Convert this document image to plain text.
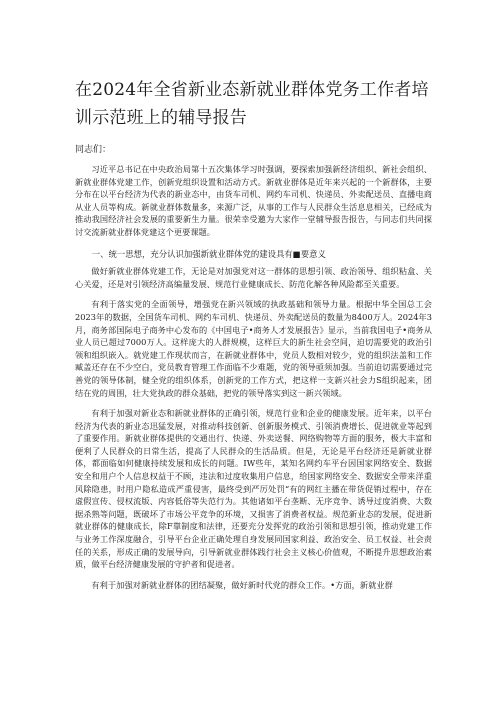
在2024年全省新业态新就业群体党务工作者培训示范班上的辅导报告
同志们：

习近平总书记在中央政治局第十五次集体学习时强调，要探索加强新经济组织、新社会组织、新就业群体党建工作，创新党组织设置和活动方式。新就业群体是近年来兴起的一个新群体，主要分布在以平台经济为代表的新业态中，由货车司机、网约车司机、快递员、外卖配送员、直播电商从业人员等构成。新就业群体数量多，来源广泛，从事的工作与人民群众生活息息相关，已经成为推动我国经济社会发展的重要新生力量。很荣幸受邀为大家作一堂辅导报告报告，与同志们共同探讨交流新就业群体党建这个更要课题。

一、统一思想，充分认识加强新就业群体党的建设具有■要意义

做好新就业群体党建工作，无论是对加强党对这一群体的思想引领、政治领导、组织粘盒、关心关爱，还是对引领经济高编量发展、规范行业健康成长、防范化解各种风险都至关重要。

有利于落实党的全面领导，增强党在新兴领域的执政基础和领导力量。根据中华全国总工会2023年的数据，全国货车司机、网约车司机、快递员、外卖配送员的数量为8400万人。2024年3月，商务部国际电子商务中心发布的《中国电子•商务人才发展报告》显示，当前我国电子•商务从业人员已超过7000万人。这样庞大的人群规模，这样巨大的新生社会空间，迫切需要党的政治引领和组织嵌入。就党建工作现状而言，在新就业群体中，党员人数相对较少，党的组织法盖和工作臧盖还存在不少空白，党员教育管理工作面临不少难题，党的领导亟须加强。当前迫切需要通过完善党的领导体制，健全党的组织体系，创新党的工作方式，把这样一支新兴社会力S组织起来，团结在党的周围，壮大党执政的群众基础，把党的领导落实到这一新兴领域。

有利于加强对新业态和新就业群体的正确引领，规范行业和企业的健康发展。近年来，以平台经济为代表的新业态迅猛发展，对推动科技创新、创新服务模式、引领消费增长、促进就业等起到了重要作用。新就业群体提供的交通出行、快递、外卖送餐、网络购物等方面的服务，极大丰富和便利了人民群众的日常生活，提高了人民群众的生活品质。但是，无论是平台经济还是新就业群体，都面临如何健康持续发展和成长的问题。IW些年，某知名网约车平台因国家网络安全、数据安全和用户个人信息权益于不顾，违法和过度收集用户信息，给国家网络安全、数据安全带来洋重风除隐患，时用户隐私造成严重侵害，最终受到严厉处罚“有的网红主播在带货促销过程中，存在虚假宣传、侵权流版、内容低俗等失范行为。其他诸如平台垄断、无序竞争、诱导过度消费、大数据杀熟等问题，既破坏了市场公平竞争的环境，又损害了消费者权益。规范新业态的发展，促进新就业群体的健康成长，除F靠制度和法律，还要充分发挥党的政治引领和思想引领，推动党建工作与业务工作深度融合，引导平台企业正确处理自身发展同国家利益、政治安全、员工权益、社会责任的关系，形成正确的发展导向，引导新就业群体践行社会主义核心价值观，不断提升思想政治素质，做平台经济健康发展的守护者和促进者。

有利于加强对新就业群体的团结凝聚，做好新时代党的群众工作。•方面，新就业群
